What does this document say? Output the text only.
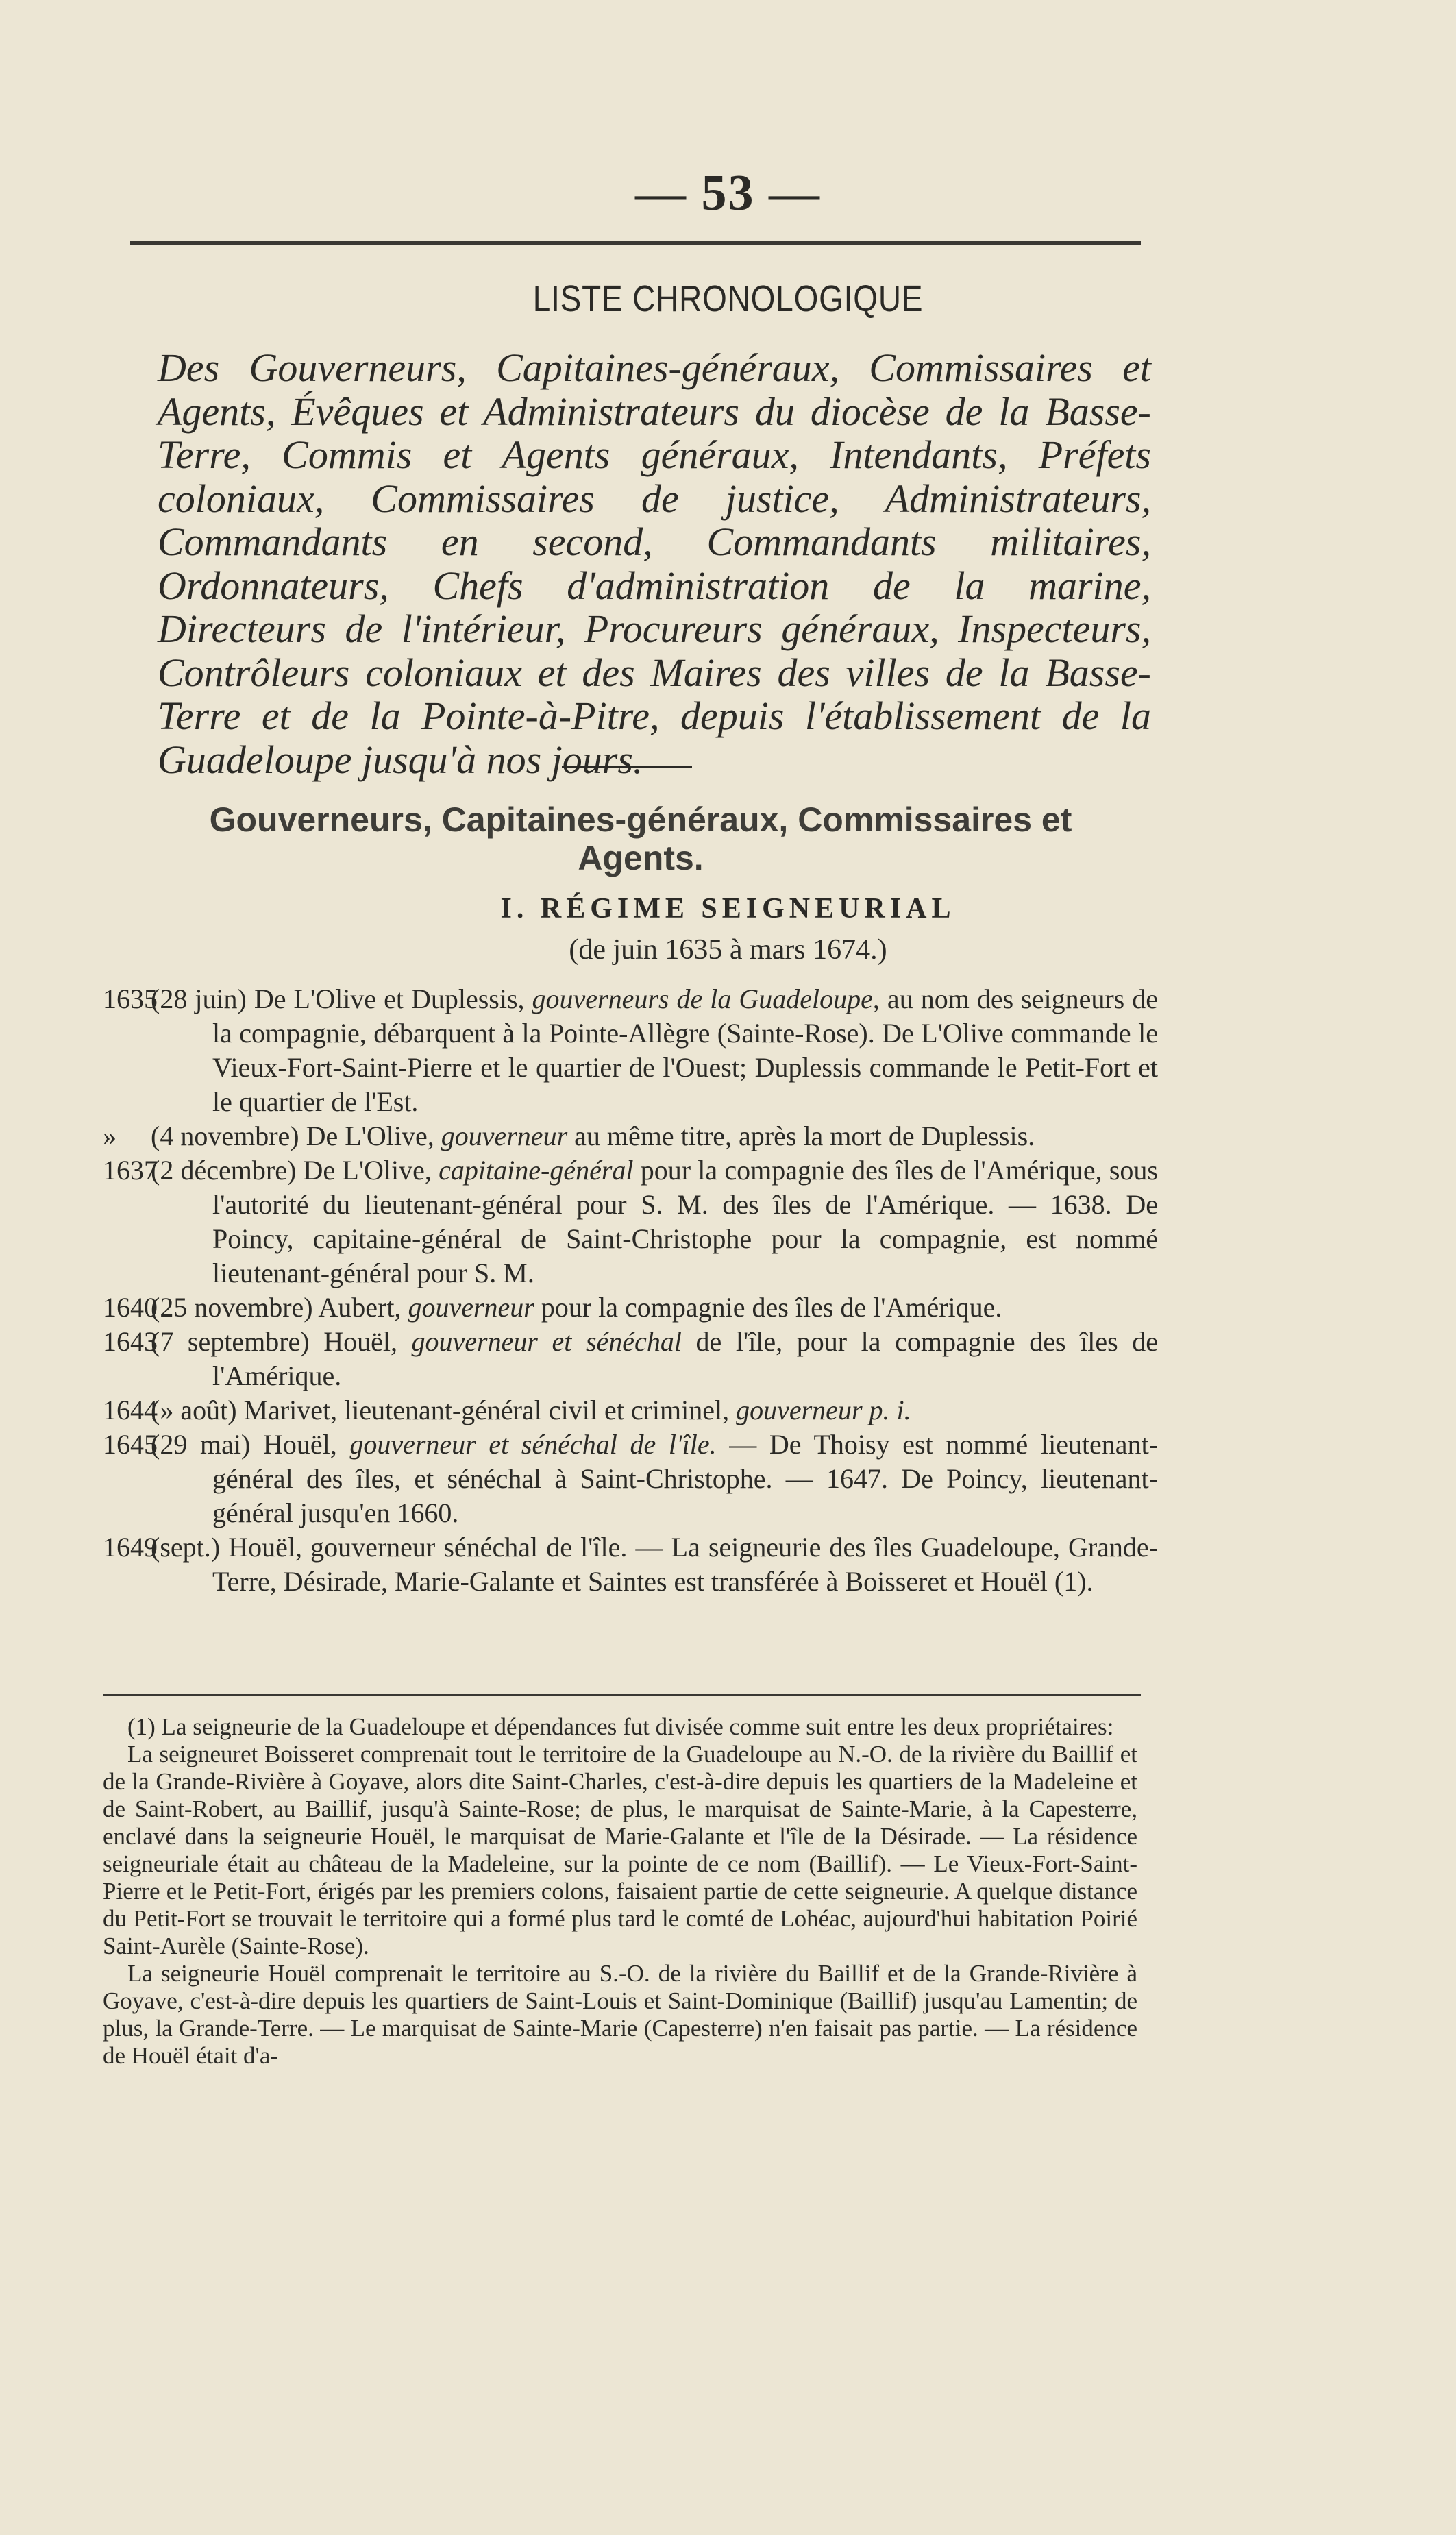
— 53 —
LISTE CHRONOLOGIQUE
Des Gouverneurs, Capitaines-généraux, Commissaires et Agents, Évêques et Administrateurs du diocèse de la Basse-Terre, Commis et Agents généraux, Intendants, Préfets coloniaux, Commissaires de justice, Administrateurs, Commandants en second, Commandants militaires, Ordonnateurs, Chefs d'administration de la marine, Directeurs de l'intérieur, Procureurs généraux, Inspecteurs, Contrôleurs coloniaux et des Maires des villes de la Basse-Terre et de la Pointe-à-Pitre, depuis l'établissement de la Guadeloupe jusqu'à nos jours.
Gouverneurs, Capitaines-généraux, Commissaires et Agents.
I. RÉGIME SEIGNEURIAL
(de juin 1635 à mars 1674.)
1635(28 juin) De L'Olive et Duplessis, gouverneurs de la Guadeloupe, au nom des seigneurs de la compagnie, débarquent à la Pointe-Allègre (Sainte-Rose). De L'Olive commande le Vieux-Fort-Saint-Pierre et le quartier de l'Ouest; Duplessis commande le Petit-Fort et le quartier de l'Est.
» (4 novembre) De L'Olive, gouverneur au même titre, après la mort de Duplessis.
1637(2 décembre) De L'Olive, capitaine-général pour la compagnie des îles de l'Amérique, sous l'autorité du lieutenant-général pour S. M. des îles de l'Amérique. — 1638. De Poincy, capitaine-général de Saint-Christophe pour la compagnie, est nommé lieutenant-général pour S. M.
1640(25 novembre) Aubert, gouverneur pour la compagnie des îles de l'Amérique.
1643(7 septembre) Houël, gouverneur et sénéchal de l'île, pour la compagnie des îles de l'Amérique.
1644(» août) Marivet, lieutenant-général civil et criminel, gouverneur p. i.
1645(29 mai) Houël, gouverneur et sénéchal de l'île. — De Thoisy est nommé lieutenant-général des îles, et sénéchal à Saint-Christophe. — 1647. De Poincy, lieutenant-général jusqu'en 1660.
1649(sept.) Houël, gouverneur sénéchal de l'île. — La seigneurie des îles Guadeloupe, Grande-Terre, Désirade, Marie-Galante et Saintes est transférée à Boisseret et Houël (1).

(1) La seigneurie de la Guadeloupe et dépendances fut divisée comme suit entre les deux propriétaires:

La seigneuret Boisseret comprenait tout le territoire de la Guadeloupe au N.-O. de la rivière du Baillif et de la Grande-Rivière à Goyave, alors dite Saint-Charles, c'est-à-dire depuis les quartiers de la Madeleine et de Saint-Robert, au Baillif, jusqu'à Sainte-Rose; de plus, le marquisat de Sainte-Marie, à la Capesterre, enclavé dans la seigneurie Houël, le marquisat de Marie-Galante et l'île de la Désirade. — La résidence seigneuriale était au château de la Madeleine, sur la pointe de ce nom (Baillif). — Le Vieux-Fort-Saint-Pierre et le Petit-Fort, érigés par les premiers colons, faisaient partie de cette seigneurie. A quelque distance du Petit-Fort se trouvait le territoire qui a formé plus tard le comté de Lohéac, aujourd'hui habitation Poirié Saint-Aurèle (Sainte-Rose).

La seigneurie Houël comprenait le territoire au S.-O. de la rivière du Baillif et de la Grande-Rivière à Goyave, c'est-à-dire depuis les quartiers de Saint-Louis et Saint-Dominique (Baillif) jusqu'au Lamentin; de plus, la Grande-Terre. — Le marquisat de Sainte-Marie (Capesterre) n'en faisait pas partie. — La résidence de Houël était d'a-
